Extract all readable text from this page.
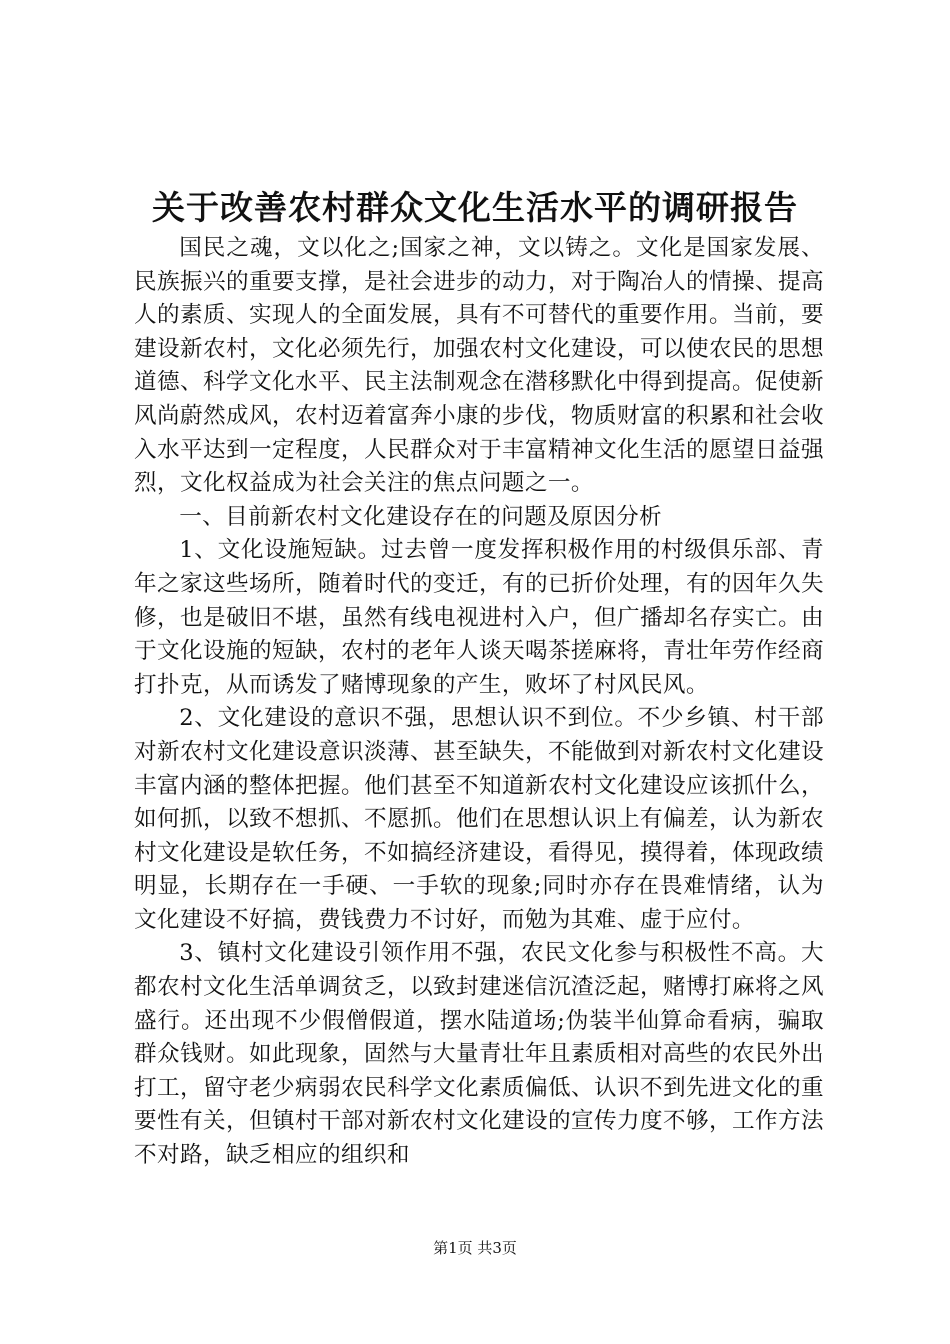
关于改善农村群众文化生活水平的调研报告

国民之魂，文以化之;国家之神，文以铸之。文化是国家发展、民族振兴的重要支撑，是社会进步的动力，对于陶冶人的情操、提高人的素质、实现人的全面发展，具有不可替代的重要作用。当前，要建设新农村，文化必须先行，加强农村文化建设，可以使农民的思想道德、科学文化水平、民主法制观念在潜移默化中得到提高。促使新风尚蔚然成风，农村迈着富奔小康的步伐，物质财富的积累和社会收入水平达到一定程度，人民群众对于丰富精神文化生活的愿望日益强烈，文化权益成为社会关注的焦点问题之一。

一、目前新农村文化建设存在的问题及原因分析

1、文化设施短缺。过去曾一度发挥积极作用的村级俱乐部、青年之家这些场所，随着时代的变迁，有的已折价处理，有的因年久失修，也是破旧不堪，虽然有线电视进村入户，但广播却名存实亡。由于文化设施的短缺，农村的老年人谈天喝茶搓麻将，青壮年劳作经商打扑克，从而诱发了赌博现象的产生，败坏了村风民风。

2、文化建设的意识不强，思想认识不到位。不少乡镇、村干部对新农村文化建设意识淡薄、甚至缺失，不能做到对新农村文化建设丰富内涵的整体把握。他们甚至不知道新农村文化建设应该抓什么，如何抓，以致不想抓、不愿抓。他们在思想认识上有偏差，认为新农村文化建设是软任务，不如搞经济建设，看得见，摸得着，体现政绩明显，长期存在一手硬、一手软的现象;同时亦存在畏难情绪，认为文化建设不好搞，费钱费力不讨好，而勉为其难、虚于应付。

3、镇村文化建设引领作用不强，农民文化参与积极性不高。大都农村文化生活单调贫乏，以致封建迷信沉渣泛起，赌博打麻将之风盛行。还出现不少假僧假道，摆水陆道场;伪装半仙算命看病，骗取群众钱财。如此现象，固然与大量青壮年且素质相对高些的农民外出打工，留守老少病弱农民科学文化素质偏低、认识不到先进文化的重要性有关，但镇村干部对新农村文化建设的宣传力度不够，工作方法不对路，缺乏相应的组织和

第1页 共3页
